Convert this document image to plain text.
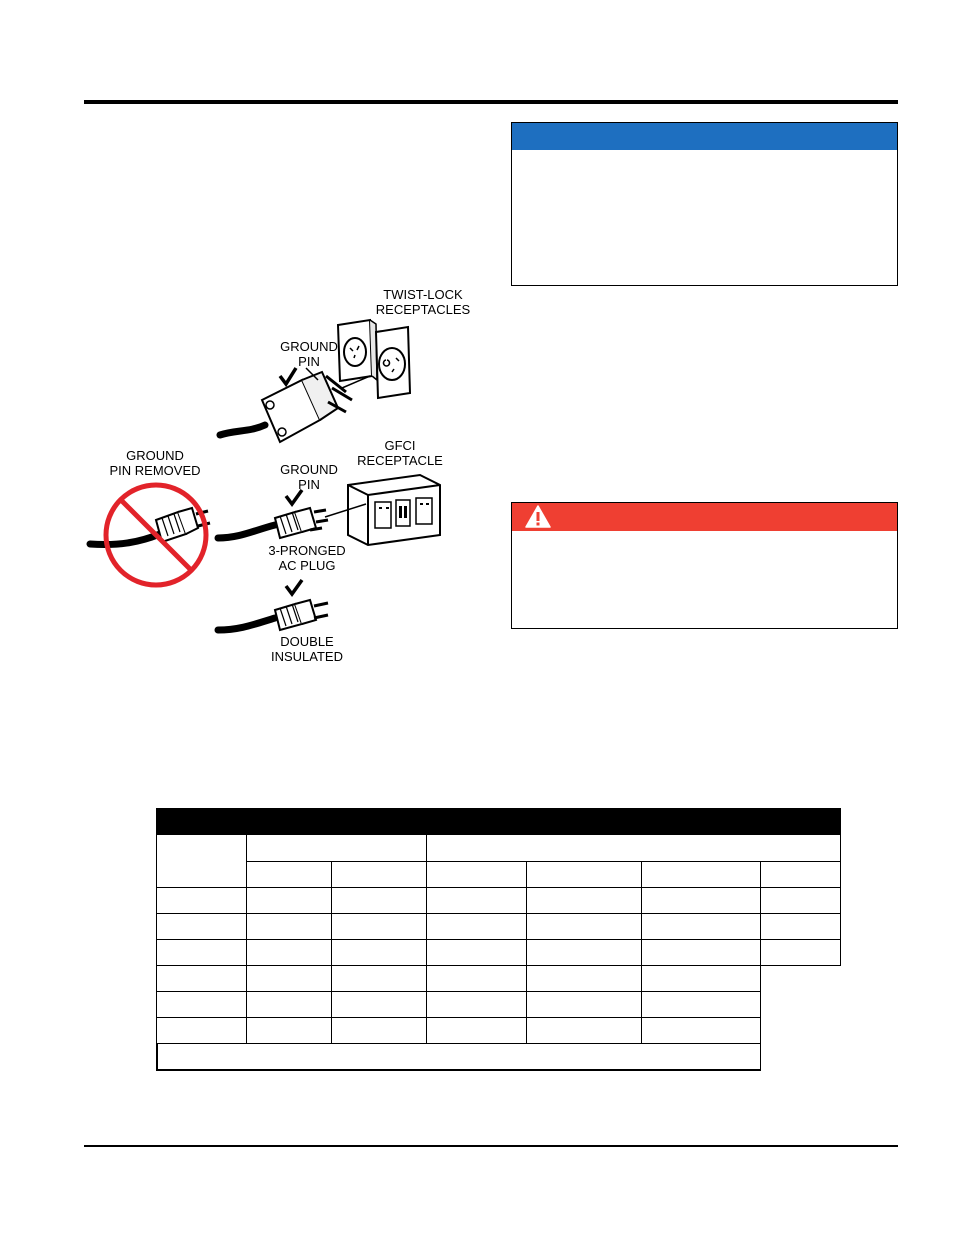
TWIST-LOCK
RECEPTACLES
GROUND
PIN
GROUND
PIN REMOVED
GFCI
RECEPTACLE
GROUND
PIN
3-PRONGED
AC PLUG
DOUBLE
INSULATED
